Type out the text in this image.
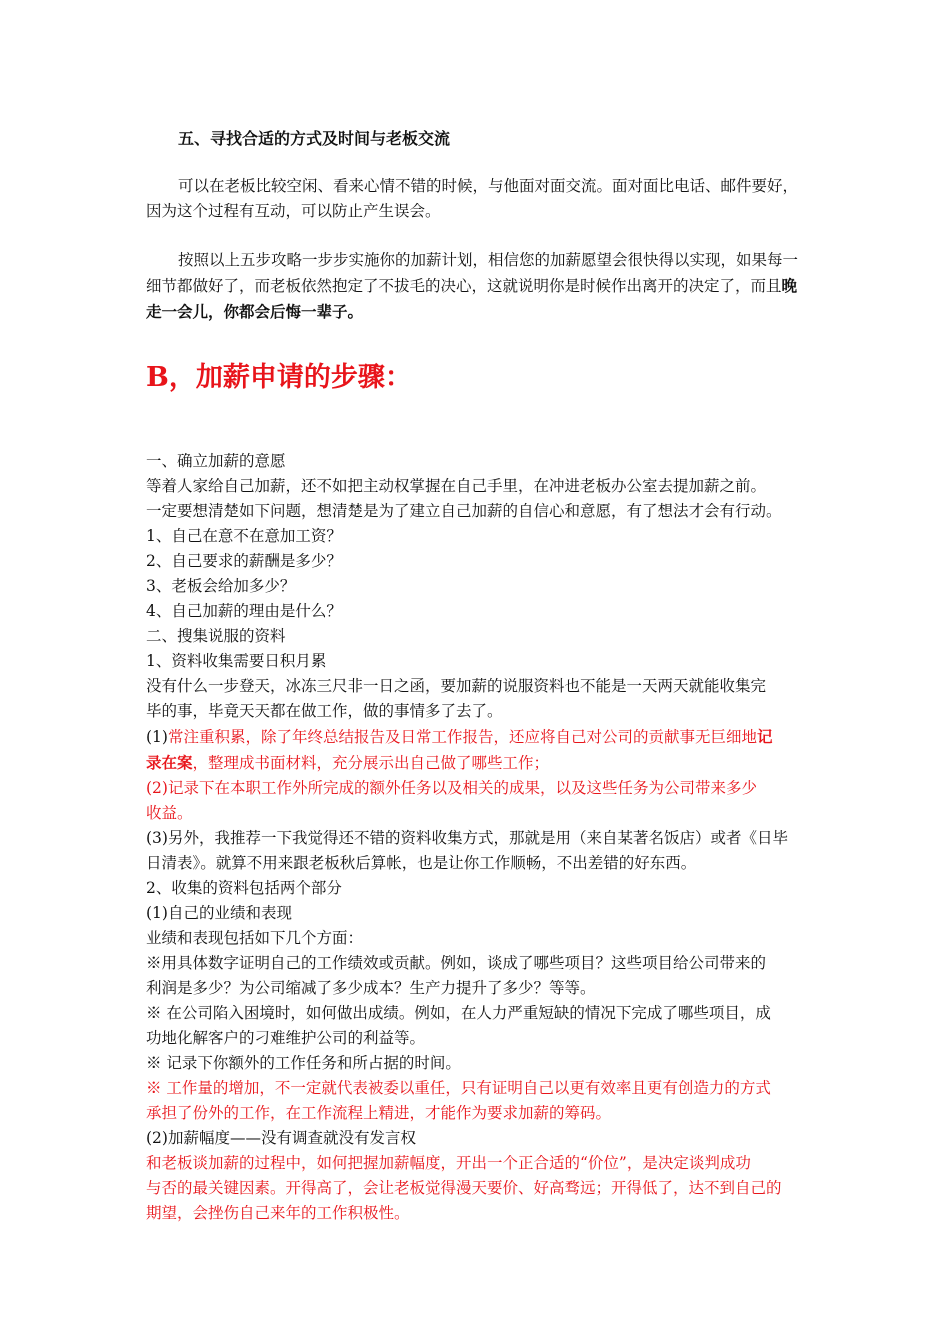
五、寻找合适的方式及时间与老板交流
可以在老板比较空闲、看来心情不错的时候，与他面对面交流。面对面比电话、邮件要好，因为这个过程有互动，可以防止产生误会。
按照以上五步攻略一步步实施你的加薪计划，相信您的加薪愿望会很快得以实现，如果每一细节都做好了，而老板依然抱定了不拔毛的决心，这就说明你是时候作出离开的决定了，而且晚走一会儿，你都会后悔一辈子。
B，加薪申请的步骤：
一、确立加薪的意愿
等着人家给自己加薪，还不如把主动权掌握在自己手里，在冲进老板办公室去提加薪之前。
一定要想清楚如下问题，想清楚是为了建立自己加薪的自信心和意愿，有了想法才会有行动。
1、自己在意不在意加工资？
2、自己要求的薪酬是多少？
3、老板会给加多少？
4、自己加薪的理由是什么？
二、搜集说服的资料
1、资料收集需要日积月累
没有什么一步登天，冰冻三尺非一日之函，要加薪的说服资料也不能是一天两天就能收集完
毕的事，毕竟天天都在做工作，做的事情多了去了。
(1)常注重积累，除了年终总结报告及日常工作报告，还应将自己对公司的贡献事无巨细地记
录在案，整理成书面材料，充分展示出自己做了哪些工作；
(2)记录下在本职工作外所完成的额外任务以及相关的成果，以及这些任务为公司带来多少
收益。
(3)另外，我推荐一下我觉得还不错的资料收集方式，那就是用（来自某著名饭店）或者《日毕
日清表》。就算不用来跟老板秋后算帐，也是让你工作顺畅，不出差错的好东西。
2、收集的资料包括两个部分
(1)自己的业绩和表现
业绩和表现包括如下几个方面：
※用具体数字证明自己的工作绩效或贡献。例如，谈成了哪些项目？这些项目给公司带来的
利润是多少？为公司缩减了多少成本？生产力提升了多少？等等。
※ 在公司陷入困境时，如何做出成绩。例如，在人力严重短缺的情况下完成了哪些项目，成
功地化解客户的刁难维护公司的利益等。
※ 记录下你额外的工作任务和所占据的时间。
※ 工作量的增加，不一定就代表被委以重任，只有证明自己以更有效率且更有创造力的方式
承担了份外的工作，在工作流程上精进，才能作为要求加薪的筹码。
(2)加薪幅度——没有调查就没有发言权
和老板谈加薪的过程中，如何把握加薪幅度，开出一个正合适的“价位”，是决定谈判成功
与否的最关键因素。开得高了，会让老板觉得漫天要价、好高骛远；开得低了，达不到自己的
期望，会挫伤自己来年的工作积极性。
